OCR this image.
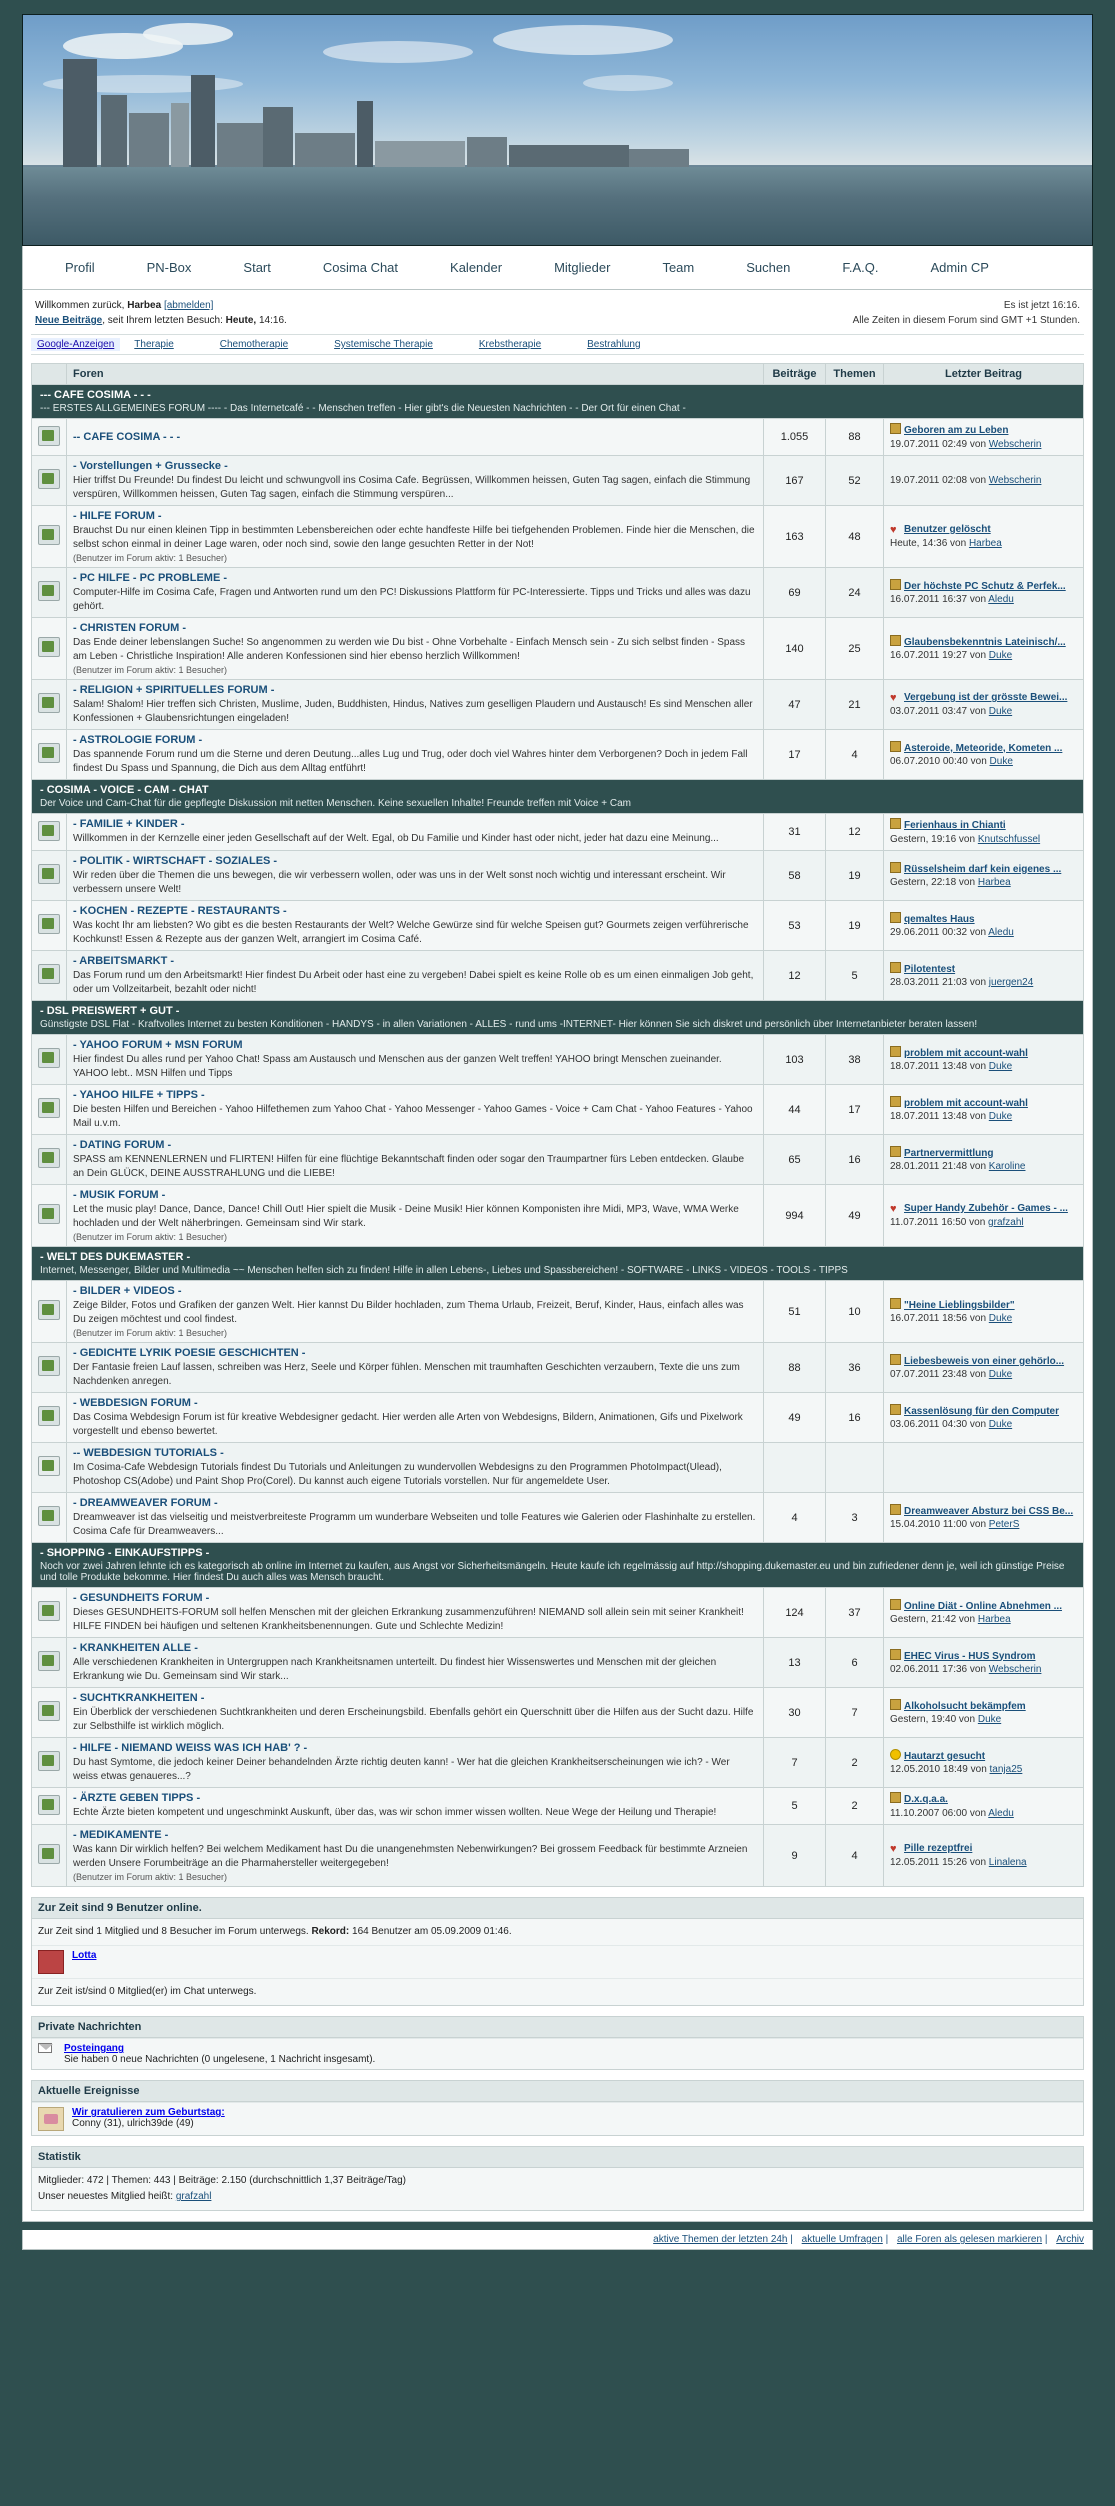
Profil	PN-Box	Start	Cosima Chat	Kalender	Mitglieder	Team	Suchen	F.A.Q.	Admin CP
Willkommen zurück, Harbea [abmelden]
Neue Beiträge, seit Ihrem letzten Besuch: Heute, 14:16.
Es ist jetzt 16:16.
Alle Zeiten in diesem Forum sind GMT +1 Stunden.
Google-Anzeigen	Therapie	Chemotherapie	Systemische Therapie	Krebstherapie	Bestrahlung
	Foren	Beiträge	Themen	Letzter Beitrag
--- CAFE COSIMA - - -
--- ERSTES ALLGEMEINES FORUM ---- - Das Internetcafé - - Menschen treffen - Hier gibt's die Neuesten Nachrichten - - Der Ort für einen Chat -				

	-- CAFE COSIMA - - -	1.055	88	Geboren am zu Leben
19.07.2011 02:49 von Webscherin

	- Vorstellungen + Grussecke -
Hier triffst Du Freunde! Du findest Du leicht und schwungvoll ins Cosima Cafe. Begrüssen, Willkommen heissen, Guten Tag sagen, einfach die Stimmung verspüren, Willkommen heissen, Guten Tag sagen, einfach die Stimmung verspüren...	167	52	19.07.2011 02:08 von Webscherin

- HILFE FORUM -
Brauchst Du nur einen kleinen Tipp in bestimmten Lebensbereichen oder echte handfeste Hilfe bei tiefgehenden Problemen. Finde hier die Menschen, die selbst schon einmal in deiner Lage waren, oder noch sind, sowie den lange gesuchten Retter in der Not!
(Benutzer im Forum aktiv: 1 Besucher)
	163	48	
♥ Benutzer gelöscht
Heute, 14:36 von Harbea

- PC HILFE - PC PROBLEME -
Computer-Hilfe im Cosima Cafe, Fragen und Antworten rund um den PC! Diskussions Plattform für PC-Interessierte. Tipps und Tricks und alles was dazu gehört.
	69	24	
Der höchste PC Schutz & Perfek...
16.07.2011 16:37 von Aledu

- CHRISTEN FORUM -
Das Ende deiner lebenslangen Suche! So angenommen zu werden wie Du bist - Ohne Vorbehalte - Einfach Mensch sein - Zu sich selbst finden - Spass am Leben - Christliche Inspiration! Alle anderen Konfessionen sind hier ebenso herzlich Willkommen!
(Benutzer im Forum aktiv: 1 Besucher)
	140	25	
Glaubensbekenntnis Lateinisch/...
16.07.2011 19:27 von Duke

- RELIGION + SPIRITUELLES FORUM -
Salam! Shalom! Hier treffen sich Christen, Muslime, Juden, Buddhisten, Hindus, Natives zum geselligen Plaudern und Austausch! Es sind Menschen aller Konfessionen + Glaubensrichtungen eingeladen!
	47	21	
♥ Vergebung ist der grösste Bewei...
03.07.2011 03:47 von Duke

- ASTROLOGIE FORUM -
Das spannende Forum rund um die Sterne und deren Deutung...alles Lug und Trug, oder doch viel Wahres hinter dem Verborgenen? Doch in jedem Fall findest Du Spass und Spannung, die Dich aus dem Alltag entführt!
	17	4	
Asteroide, Meteoride, Kometen ...
06.07.2010 00:40 von Duke

- COSIMA - VOICE - CAM - CHAT
Der Voice und Cam-Chat für die gepflegte Diskussion mit netten Menschen. Keine sexuellen Inhalte! Freunde treffen mit Voice + Cam				

- FAMILIE + KINDER -
Willkommen in der Kernzelle einer jeden Gesellschaft auf der Welt. Egal, ob Du Familie und Kinder hast oder nicht, jeder hat dazu eine Meinung...
	31	12	
Ferienhaus in Chianti
Gestern, 19:16 von Knutschfussel

- POLITIK - WIRTSCHAFT - SOZIALES -
Wir reden über die Themen die uns bewegen, die wir verbessern wollen, oder was uns in der Welt sonst noch wichtig und interessant erscheint. Wir verbessern unsere Welt!
	58	19	
Rüsselsheim darf kein eigenes ...
Gestern, 22:18 von Harbea

- KOCHEN - REZEPTE - RESTAURANTS -
Was kocht Ihr am liebsten? Wo gibt es die besten Restaurants der Welt? Welche Gewürze sind für welche Speisen gut? Gourmets zeigen verführerische Kochkunst! Essen & Rezepte aus der ganzen Welt, arrangiert im Cosima Café.
	53	19	
qemaltes Haus
29.06.2011 00:32 von Aledu

- ARBEITSMARKT -
Das Forum rund um den Arbeitsmarkt! Hier findest Du Arbeit oder hast eine zu vergeben! Dabei spielt es keine Rolle ob es um einen einmaligen Job geht, oder um Vollzeitarbeit, bezahlt oder nicht!
	12	5	
Pilotentest
28.03.2011 21:03 von juergen24

- DSL PREISWERT + GUT -
Günstigste DSL Flat - Kraftvolles Internet zu besten Konditionen - HANDYS - in allen Variationen - ALLES - rund ums -INTERNET- Hier können Sie sich diskret und persönlich über Internetanbieter beraten lassen!				

- YAHOO FORUM + MSN FORUM
Hier findest Du alles rund per Yahoo Chat! Spass am Austausch und Menschen aus der ganzen Welt treffen! YAHOO bringt Menschen zueinander. YAHOO lebt.. MSN Hilfen und Tipps
	103	38	
problem mit account-wahl
18.07.2011 13:48 von Duke

- YAHOO HILFE + TIPPS -
Die besten Hilfen und Bereichen - Yahoo Hilfethemen zum Yahoo Chat - Yahoo Messenger - Yahoo Games - Voice + Cam Chat - Yahoo Features - Yahoo Mail u.v.m.
	44	17	
problem mit account-wahl
18.07.2011 13:48 von Duke

- DATING FORUM -
SPASS am KENNENLERNEN und FLIRTEN! Hilfen für eine flüchtige Bekanntschaft finden oder sogar den Traumpartner fürs Leben entdecken. Glaube an Dein GLÜCK, DEINE AUSSTRAHLUNG und die LIEBE!
	65	16	
Partnervermittlung
28.01.2011 21:48 von Karoline

- MUSIK FORUM -
Let the music play! Dance, Dance, Dance! Chill Out! Hier spielt die Musik - Deine Musik! Hier können Komponisten ihre Midi, MP3, Wave, WMA Werke hochladen und der Welt näherbringen. Gemeinsam sind Wir stark.
(Benutzer im Forum aktiv: 1 Besucher)
	994	49	
♥ Super Handy Zubehör - Games - ...
11.07.2011 16:50 von grafzahl

- WELT DES DUKEMASTER -
Internet, Messenger, Bilder und Multimedia ~~ Menschen helfen sich zu finden! Hilfe in allen Lebens-, Liebes und Spassbereichen! - SOFTWARE - LINKS - VIDEOS - TOOLS - TIPPS				

- BILDER + VIDEOS -
Zeige Bilder, Fotos und Grafiken der ganzen Welt. Hier kannst Du Bilder hochladen, zum Thema Urlaub, Freizeit, Beruf, Kinder, Haus, einfach alles was Du zeigen möchtest und cool findest.
(Benutzer im Forum aktiv: 1 Besucher)
	51	10	
"Heine Lieblingsbilder"
16.07.2011 18:56 von Duke

- GEDICHTE LYRIK POESIE GESCHICHTEN -
Der Fantasie freien Lauf lassen, schreiben was Herz, Seele und Körper fühlen. Menschen mit traumhaften Geschichten verzaubern, Texte die uns zum Nachdenken anregen.
	88	36	
Liebesbeweis von einer gehörlo...
07.07.2011 23:48 von Duke

- WEBDESIGN FORUM -
Das Cosima Webdesign Forum ist für kreative Webdesigner gedacht. Hier werden alle Arten von Webdesigns, Bildern, Animationen, Gifs und Pixelwork vorgestellt und ebenso bewertet.
	49	16	
Kassenlösung für den Computer
03.06.2011 04:30 von Duke

	-- WEBDESIGN TUTORIALS -
Im Cosima-Cafe Webdesign Tutorials findest Du Tutorials und Anleitungen zu wundervollen Webdesigns zu den Programmen PhotoImpact(Ulead), Photoshop CS(Adobe) und Paint Shop Pro(Corel). Du kannst auch eigene Tutorials vorstellen. Nur für angemeldete User.			

- DREAMWEAVER FORUM -
Dreamweaver ist das vielseitig und meistverbreiteste Programm um wunderbare Webseiten und tolle Features wie Galerien oder Flashinhalte zu erstellen. Cosima Cafe für Dreamweavers...
	4	3	
Dreamweaver Absturz bei CSS Be...
15.04.2010 11:00 von PeterS

- SHOPPING - EINKAUFSTIPPS -
Noch vor zwei Jahren lehnte ich es kategorisch ab online im Internet zu kaufen, aus Angst vor Sicherheitsmängeln. Heute kaufe ich regelmässig auf http://shopping.dukemaster.eu und bin zufriedener denn je, weil ich günstige Preise und tolle Produkte bekomme. Hier findest Du auch alles was Mensch braucht.				

- GESUNDHEITS FORUM -
Dieses GESUNDHEITS-FORUM soll helfen Menschen mit der gleichen Erkrankung zusammenzuführen! NIEMAND soll allein sein mit seiner Krankheit! HILFE FINDEN bei häufigen und seltenen Krankheitsbenennungen. Gute und Schlechte Medizin!
	124	37	
Online Diät - Online Abnehmen ...
Gestern, 21:42 von Harbea

- KRANKHEITEN ALLE -
Alle verschiedenen Krankheiten in Untergruppen nach Krankheitsnamen unterteilt. Du findest hier Wissenswertes und Menschen mit der gleichen Erkrankung wie Du. Gemeinsam sind Wir stark...
	13	6	
EHEC Virus - HUS Syndrom
02.06.2011 17:36 von Webscherin

- SUCHTKRANKHEITEN -
Ein Überblick der verschiedenen Suchtkrankheiten und deren Erscheinungsbild. Ebenfalls gehört ein Querschnitt über die Hilfen aus der Sucht dazu. Hilfe zur Selbsthilfe ist wirklich möglich.
	30	7	
Alkoholsucht bekämpfem
Gestern, 19:40 von Duke

- HILFE - NIEMAND WEISS WAS ICH HAB' ? -
Du hast Symtome, die jedoch keiner Deiner behandelnden Ärzte richtig deuten kann! - Wer hat die gleichen Krankheitserscheinungen wie ich? - Wer weiss etwas genaueres...?
	7	2	
Hautarzt gesucht
12.05.2010 18:49 von tanja25

- ÄRZTE GEBEN TIPPS -
Echte Ärzte bieten kompetent und ungeschminkt Auskunft, über das, was wir schon immer wissen wollten. Neue Wege der Heilung und Therapie!
	5	2	
D.x.q.a.a.
11.10.2007 06:00 von Aledu

- MEDIKAMENTE -
Was kann Dir wirklich helfen? Bei welchem Medikament hast Du die unangenehmsten Nebenwirkungen? Bei grossem Feedback für bestimmte Arzneien werden Unsere Forumbeiträge an die Pharmahersteller weitergegeben!
(Benutzer im Forum aktiv: 1 Besucher)
	9	4	
♥ Pille rezeptfrei
12.05.2011 15:26 von Linalena
Zur Zeit sind 9 Benutzer online.
Zur Zeit sind 1 Mitglied und 8 Besucher im Forum unterwegs. Rekord: 164 Benutzer am 05.09.2009 01:46.
Lotta
Zur Zeit ist/sind 0 Mitglied(er) im Chat unterwegs.
Private Nachrichten
Posteingang
Sie haben 0 neue Nachrichten (0 ungelesene, 1 Nachricht insgesamt).
Aktuelle Ereignisse
Wir gratulieren zum Geburtstag:
Conny (31), ulrich39de (49)
Statistik
Mitglieder: 472 | Themen: 443 | Beiträge: 2.150 (durchschnittlich 1,37 Beiträge/Tag)
Unser neuestes Mitglied heißt: grafzahl
aktive Themen der letzten 24h | aktuelle Umfragen | alle Foren als gelesen markieren | Archiv
